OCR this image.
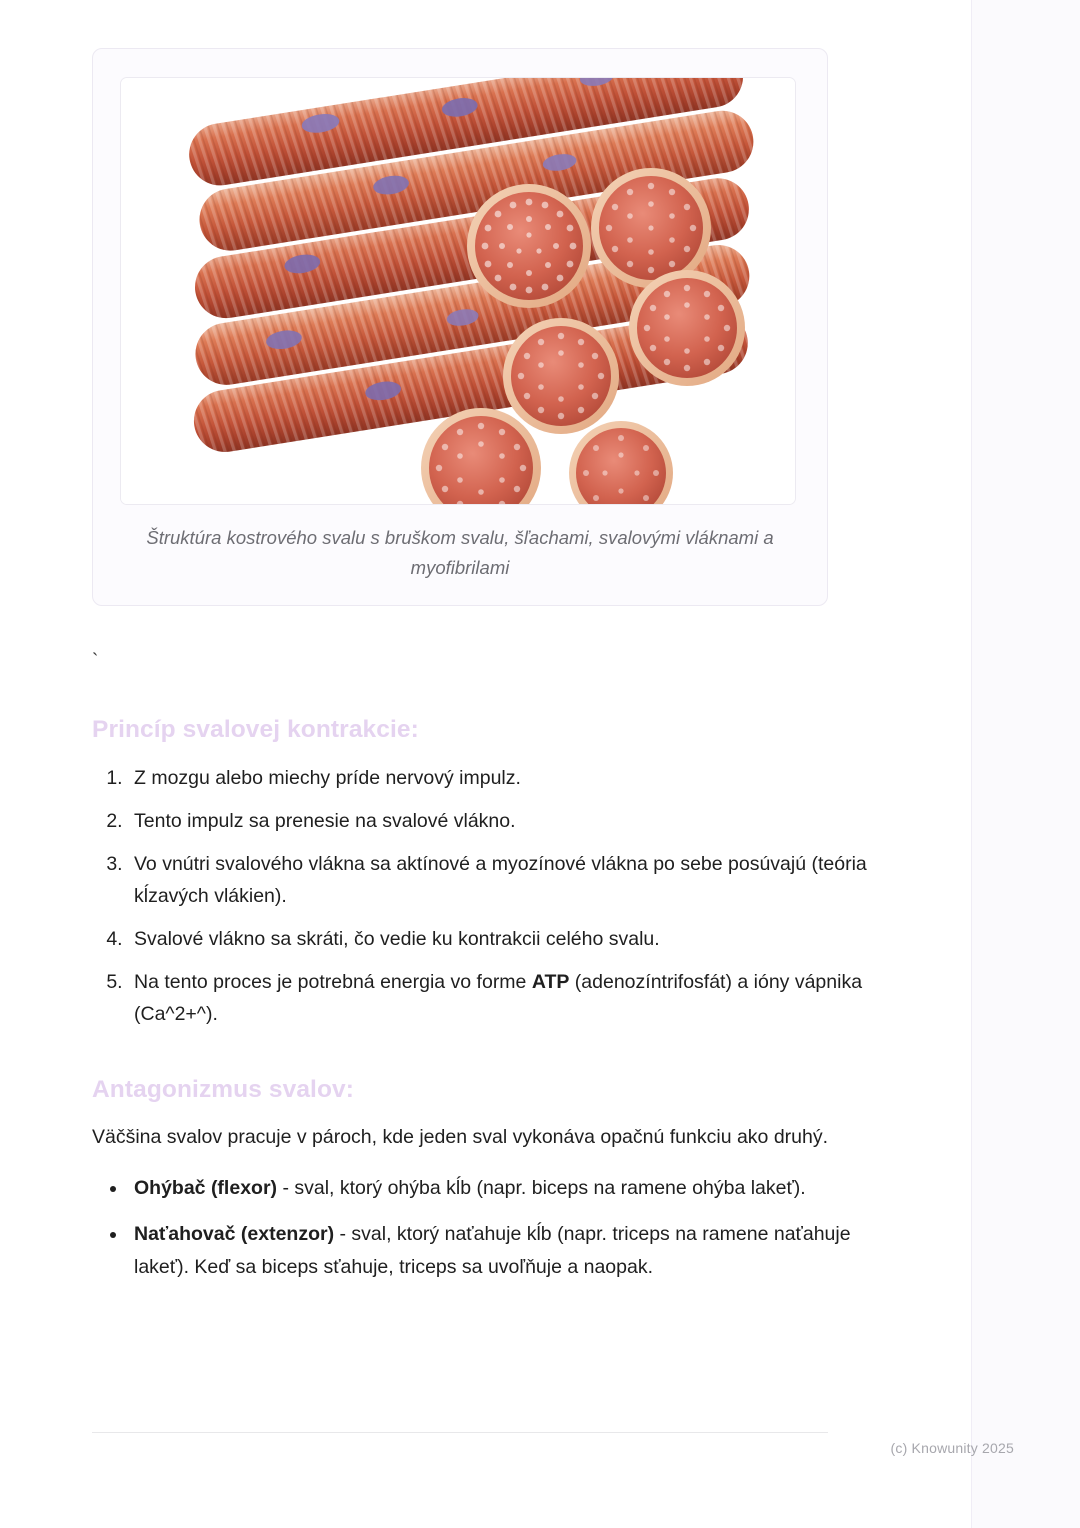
Štruktúra kostrového svalu s bruškom svalu, šľachami, svalovými vláknami a myofibrilami
`
Princíp svalovej kontrakcie:
1. Z mozgu alebo miechy príde nervový impulz.
2. Tento impulz sa prenesie na svalové vlákno.
3. Vo vnútri svalového vlákna sa aktínové a myozínové vlákna po sebe posúvajú (teória kĺzavých vlákien).
4. Svalové vlákno sa skráti, čo vedie ku kontrakcii celého svalu.
5. Na tento proces je potrebná energia vo forme ATP (adenozíntrifosfát) a ióny vápnika (Ca^2+^).
Antagonizmus svalov:

Väčšina svalov pracuje v pároch, kde jeden sval vykonáva opačnú funkciu ako druhý.

• Ohýbač (flexor) - sval, ktorý ohýba kĺb (napr. biceps na ramene ohýba lakeť).
• Naťahovač (extenzor) - sval, ktorý naťahuje kĺb (napr. triceps na ramene naťahuje lakeť). Keď sa biceps sťahuje, triceps sa uvoľňuje a naopak.
(c) Knowunity 2025
